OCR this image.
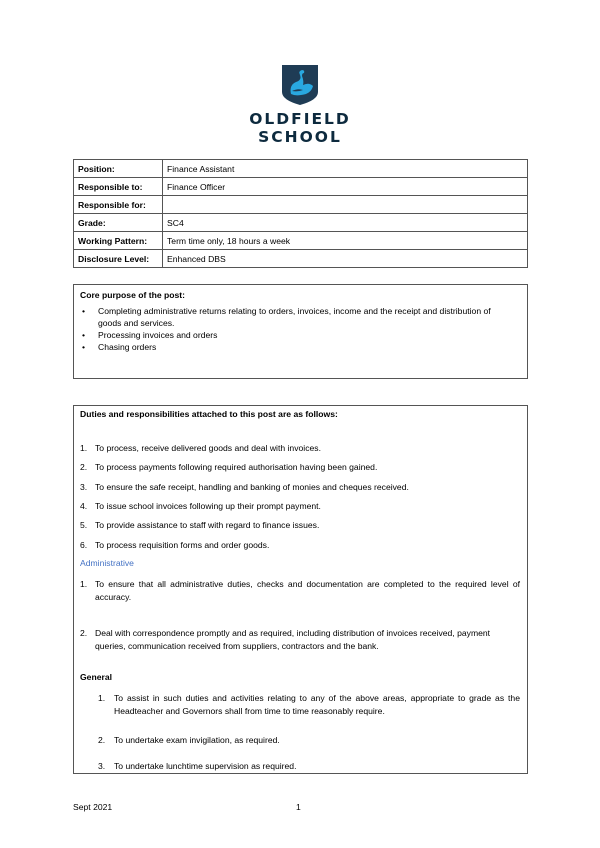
OLDFIELD
SCHOOL
Position:	Finance Assistant
Responsible to:	Finance Officer
Responsible for:	
Grade:	SC4
Working Pattern:	Term time only, 18 hours a week
Disclosure Level:	Enhanced DBS
Core purpose of the post:
• Completing administrative returns relating to orders, invoices, income and the receipt and distribution of goods and services.
• Processing invoices and orders
• Chasing orders
Duties and responsibilities attached to this post are as follows:
1. To process, receive delivered goods and deal with invoices.
2. To process payments following required authorisation having been gained.
3. To ensure the safe receipt, handling and banking of monies and cheques received.
4. To issue school invoices following up their prompt payment.
5. To provide assistance to staff with regard to finance issues.
6. To process requisition forms and order goods.
Administrative
1. To ensure that all administrative duties, checks and documentation are completed to the required level of accuracy.
2. Deal with correspondence promptly and as required, including distribution of invoices received, payment queries, communication received from suppliers, contractors and the bank.
General
1. To assist in such duties and activities relating to any of the above areas, appropriate to grade as the Headteacher and Governors shall from time to time reasonably require.
2. To undertake exam invigilation, as required.
3. To undertake lunchtime supervision as required.
Sept 2021	1
